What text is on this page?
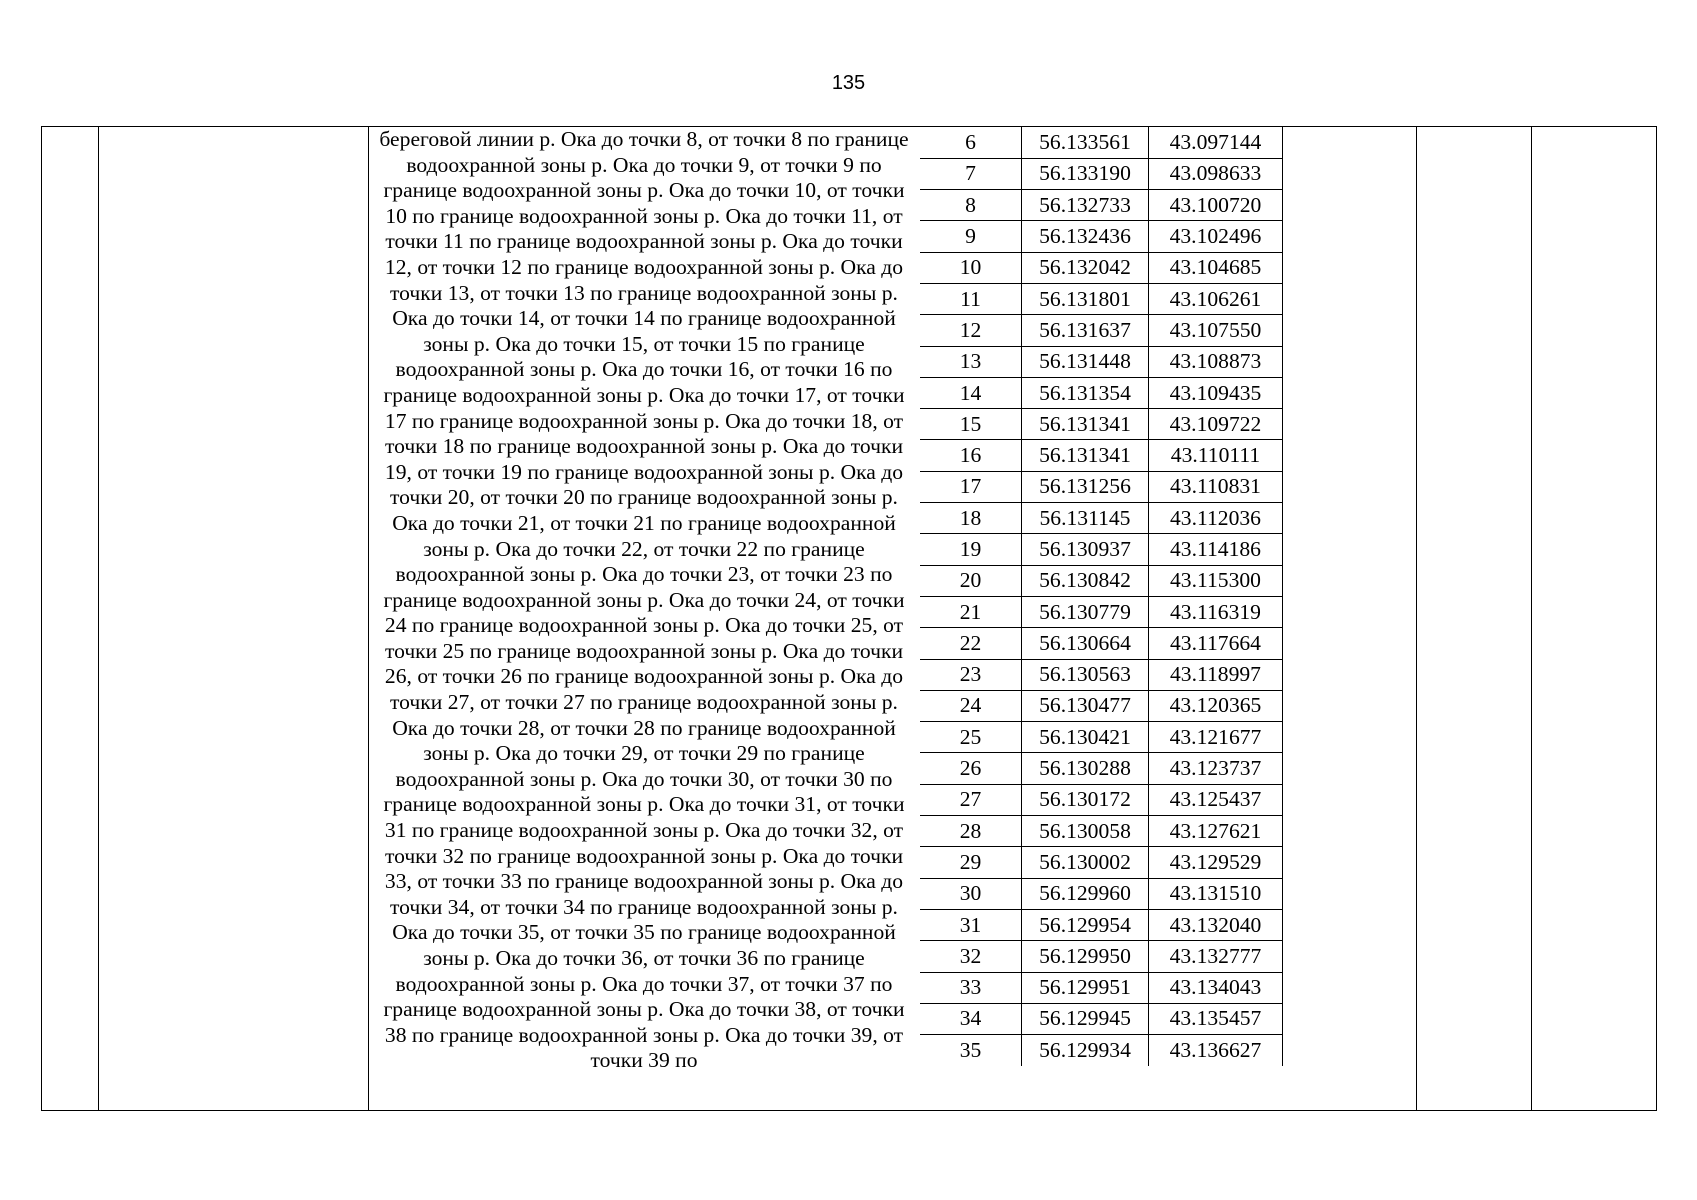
135
береговой линии р. Ока до точки 8, от точки 8 по границе водоохранной зоны р. Ока до точки 9, от точки 9 по границе водоохранной зоны р. Ока до точки 10, от точки 10 по границе водоохранной зоны р. Ока до точки 11, от точки 11 по границе водоохранной зоны р. Ока до точки 12, от точки 12 по границе водоохранной зоны р. Ока до точки 13, от точки 13 по границе водоохранной зоны р. Ока до точки 14, от точки 14 по границе водоохранной зоны р. Ока до точки 15, от точки 15 по границе водоохранной зоны р. Ока до точки 16, от точки 16 по границе водоохранной зоны р. Ока до точки 17, от точки 17 по границе водоохранной зоны р. Ока до точки 18, от точки 18 по границе водоохранной зоны р. Ока до точки 19, от точки 19 по границе водоохранной зоны р. Ока до точки 20, от точки 20 по границе водоохранной зоны р. Ока до точки 21, от точки 21 по границе водоохранной зоны р. Ока до точки 22, от точки 22 по границе водоохранной зоны р. Ока до точки 23, от точки 23 по границе водоохранной зоны р. Ока до точки 24, от точки 24 по границе водоохранной зоны р. Ока до точки 25, от точки 25 по границе водоохранной зоны р. Ока до точки 26, от точки 26 по границе водоохранной зоны р. Ока до точки 27, от точки 27 по границе водоохранной зоны р. Ока до точки 28, от точки 28 по границе водоохранной зоны р. Ока до точки 29, от точки 29 по границе водоохранной зоны р. Ока до точки 30, от точки 30 по границе водоохранной зоны р. Ока до точки 31, от точки 31 по границе водоохранной зоны р. Ока до точки 32, от точки 32 по границе водоохранной зоны р. Ока до точки 33, от точки 33 по границе водоохранной зоны р. Ока до точки 34, от точки 34 по границе водоохранной зоны р. Ока до точки 35, от точки 35 по границе водоохранной зоны р. Ока до точки 36, от точки 36 по границе водоохранной зоны р. Ока до точки 37, от точки 37 по границе водоохранной зоны р. Ока до точки 38, от точки 38 по границе водоохранной зоны р. Ока до точки 39, от точки 39 по
6	56.133561	43.097144
7	56.133190	43.098633
8	56.132733	43.100720
9	56.132436	43.102496
10	56.132042	43.104685
11	56.131801	43.106261
12	56.131637	43.107550
13	56.131448	43.108873
14	56.131354	43.109435
15	56.131341	43.109722
16	56.131341	43.110111
17	56.131256	43.110831
18	56.131145	43.112036
19	56.130937	43.114186
20	56.130842	43.115300
21	56.130779	43.116319
22	56.130664	43.117664
23	56.130563	43.118997
24	56.130477	43.120365
25	56.130421	43.121677
26	56.130288	43.123737
27	56.130172	43.125437
28	56.130058	43.127621
29	56.130002	43.129529
30	56.129960	43.131510
31	56.129954	43.132040
32	56.129950	43.132777
33	56.129951	43.134043
34	56.129945	43.135457
35	56.129934	43.136627
